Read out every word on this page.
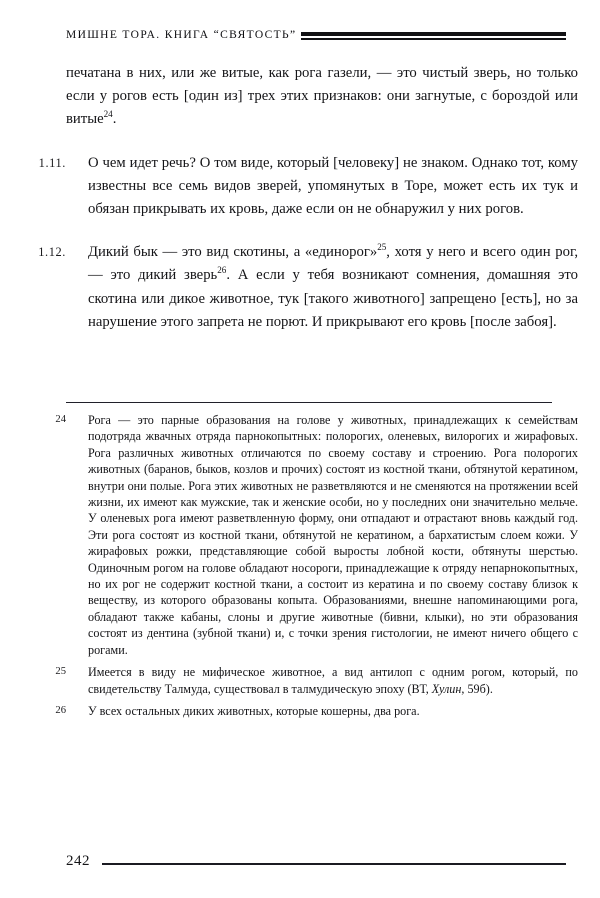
МИШНЕ ТОРА. КНИГА “СВЯТОСТЬ”
печатана в них, или же витые, как рога газели, — это чистый зверь, но только если у рогов есть [один из] трех этих признаков: они загнутые, с бороздой или витые$^{24}$.
1.11.	О чем идет речь? О том виде, который [человеку] не знаком. Однако тот, кому известны все семь видов зверей, упомянутых в Торе, может есть их тук и обязан прикрывать их кровь, даже если он не обнаружил у них рогов.
1.12.	Дикий бык — это вид скотины, а «единорог»$^{25}$, хотя у него и всего один рог, — это дикий зверь$^{26}$. А если у тебя возникают сомнения, домашняя это скотина или дикое животное, тук [такого животного] запрещено [есть], но за нарушение этого запрета не порют. И прикрывают его кровь [после забоя].
24	Рога — это парные образования на голове у животных, принадлежащих к семействам подотряда жвачных отряда парнокопытных: полорогих, оленевых, вилорогих и жирафовых. Рога различных животных отличаются по своему составу и строению. Рога полорогих животных (баранов, быков, козлов и прочих) состоят из костной ткани, обтянутой кератином, внутри они полые. Рога этих животных не разветвляются и не сменяются на протяжении всей жизни, их имеют как мужские, так и женские особи, но у последних они значительно мельче. У оленевых рога имеют разветвленную форму, они отпадают и отрастают вновь каждый год. Эти рога состоят из костной ткани, обтянутой не кератином, а бархатистым слоем кожи. У жирафовых рожки, представляющие собой выросты лобной кости, обтянуты шерстью. Одиночным рогом на голове обладают носороги, принадлежащие к отряду непарнокопытных, но их рог не содержит костной ткани, а состоит из кератина и по своему составу близок к веществу, из которого образованы копыта. Образованиями, внешне напоминающими рога, обладают также кабаны, слоны и другие животные (бивни, клыки), но эти образования состоят из дентина (зубной ткани) и, с точки зрения гистологии, не имеют ничего общего с рогами.
25	Имеется в виду не мифическое животное, а вид антилоп с одним рогом, который, по свидетельству Талмуда, существовал в талмудическую эпоху (ВТ, Хулин, 59б).
26	У всех остальных диких животных, которые кошерны, два рога.
242
